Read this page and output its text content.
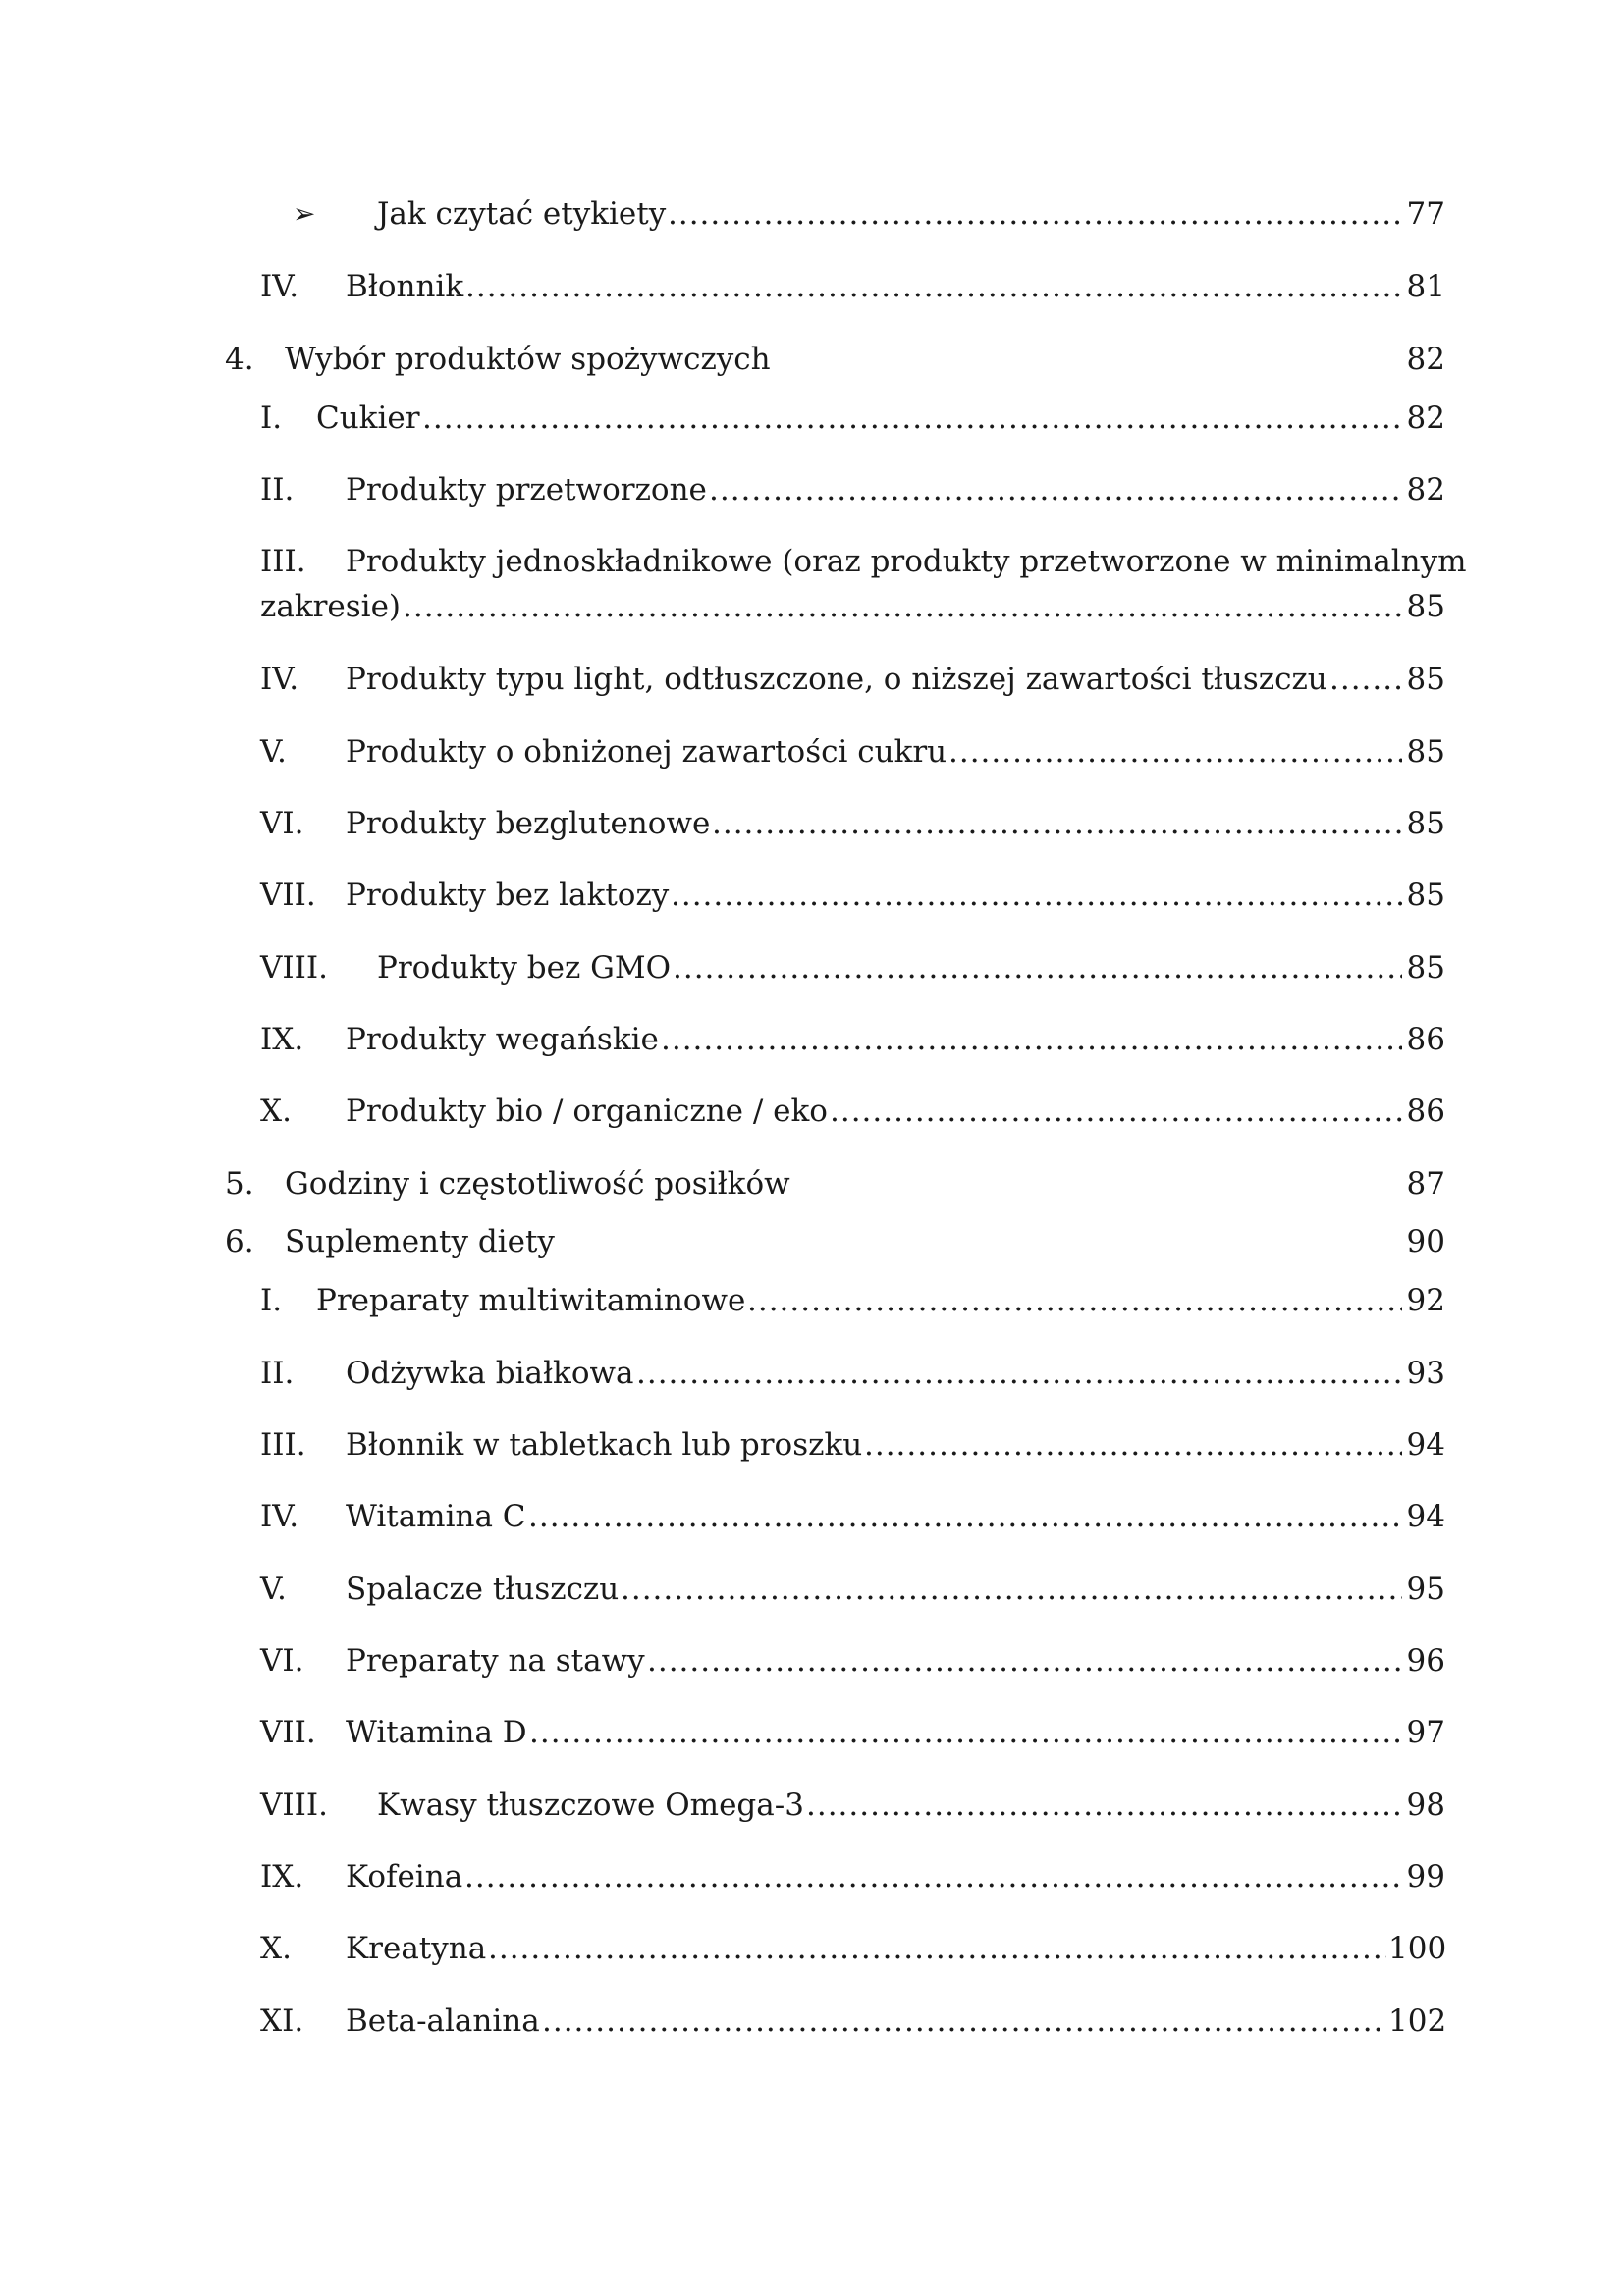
➢ Jak czytać etykiety .....	77
IV. Błonnik .....	81
4. Wybór produktów spożywczych	82
I. Cukier .....	82
II. Produkty przetworzone .....	82
III. Produkty jednoskładnikowe (oraz produkty przetworzone w minimalnym
zakresie) .....	85
IV. Produkty typu light, odtłuszczone, o niższej zawartości tłuszczu .....	85
V. Produkty o obniżonej zawartości cukru .....	85
VI. Produkty bezglutenowe .....	85
VII. Produkty bez laktozy .....	85
VIII. Produkty bez GMO .....	85
IX. Produkty wegańskie .....	86
X. Produkty bio / organiczne / eko .....	86
5. Godziny i częstotliwość posiłków	87
6. Suplementy diety	90
I. Preparaty multiwitaminowe .....	92
II. Odżywka białkowa .....	93
III. Błonnik w tabletkach lub proszku .....	94
IV. Witamina C .....	94
V. Spalacze tłuszczu .....	95
VI. Preparaty na stawy .....	96
VII. Witamina D .....	97
VIII. Kwasy tłuszczowe Omega-3 .....	98
IX. Kofeina .....	99
X. Kreatyna .....	100
XI. Beta-alanina .....	102
